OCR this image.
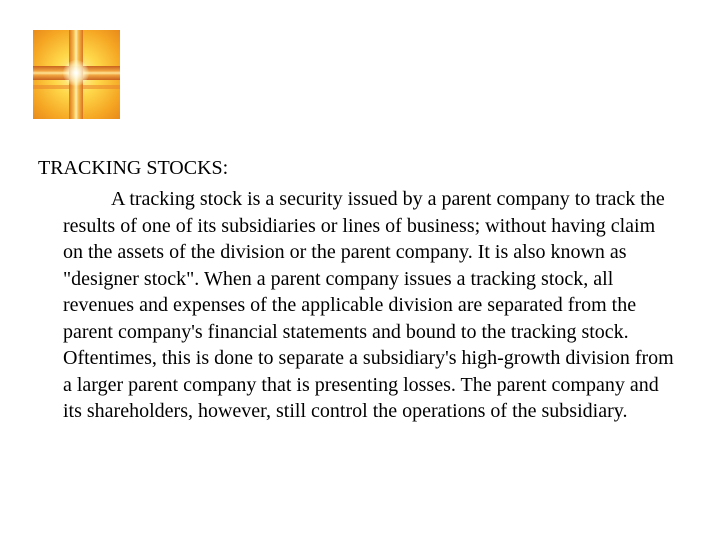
TRACKING STOCKS:

A tracking stock is a security issued by a parent company to track the results of one of its subsidiaries or lines of business; without having claim on the assets of the division or the parent company. It is also known as "designer stock". When a parent company issues a tracking stock, all revenues and expenses of the applicable division are separated from the parent company's financial statements and bound to the tracking stock. Oftentimes, this is done to separate a subsidiary's high-growth division from a larger parent company that is presenting losses. The parent company and its shareholders, however, still control the operations of the subsidiary.
